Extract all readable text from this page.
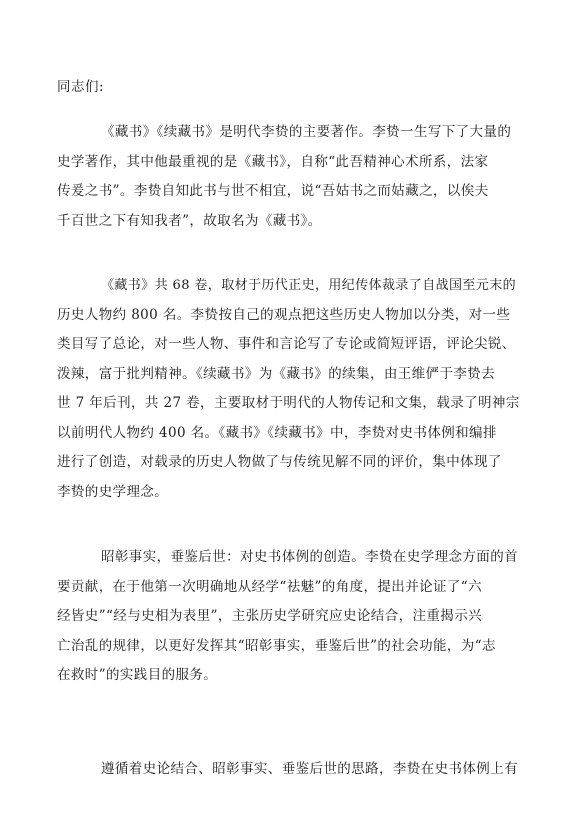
同志们:
《藏书》《续藏书》是明代李贽的主要著作。李贽一生写下了大量的
史学著作，其中他最重视的是《藏书》，自称“此吾精神心术所系，法家
传爰之书”。李贽自知此书与世不相宜，说“吾姑书之而姑藏之，以俟夫
千百世之下有知我者”，故取名为《藏书》。
《藏书》共 68 卷，取材于历代正史，用纪传体裁录了自战国至元末的
历史人物约 800 名。李贽按自己的观点把这些历史人物加以分类，对一些
类目写了总论，对一些人物、事件和言论写了专论或简短评语，评论尖锐、
泼辣，富于批判精神。《续藏书》为《藏书》的续集，由王维俨于李贽去
世 7 年后刊，共 27 卷，主要取材于明代的人物传记和文集，载录了明神宗
以前明代人物约 400 名。《藏书》《续藏书》中，李贽对史书体例和编排
进行了创造，对载录的历史人物做了与传统见解不同的评价，集中体现了
李贽的史学理念。
昭彰事实，垂鉴后世：对史书体例的创造。李贽在史学理念方面的首
要贡献，在于他第一次明确地从经学“祛魅”的角度，提出并论证了“六
经皆史”“经与史相为表里”，主张历史学研究应史论结合，注重揭示兴
亡治乱的规律，以更好发挥其“昭彰事实，垂鉴后世”的社会功能，为“志
在救时”的实践目的服务。
遵循着史论结合、昭彰事实、垂鉴后世的思路，李贽在史书体例上有
